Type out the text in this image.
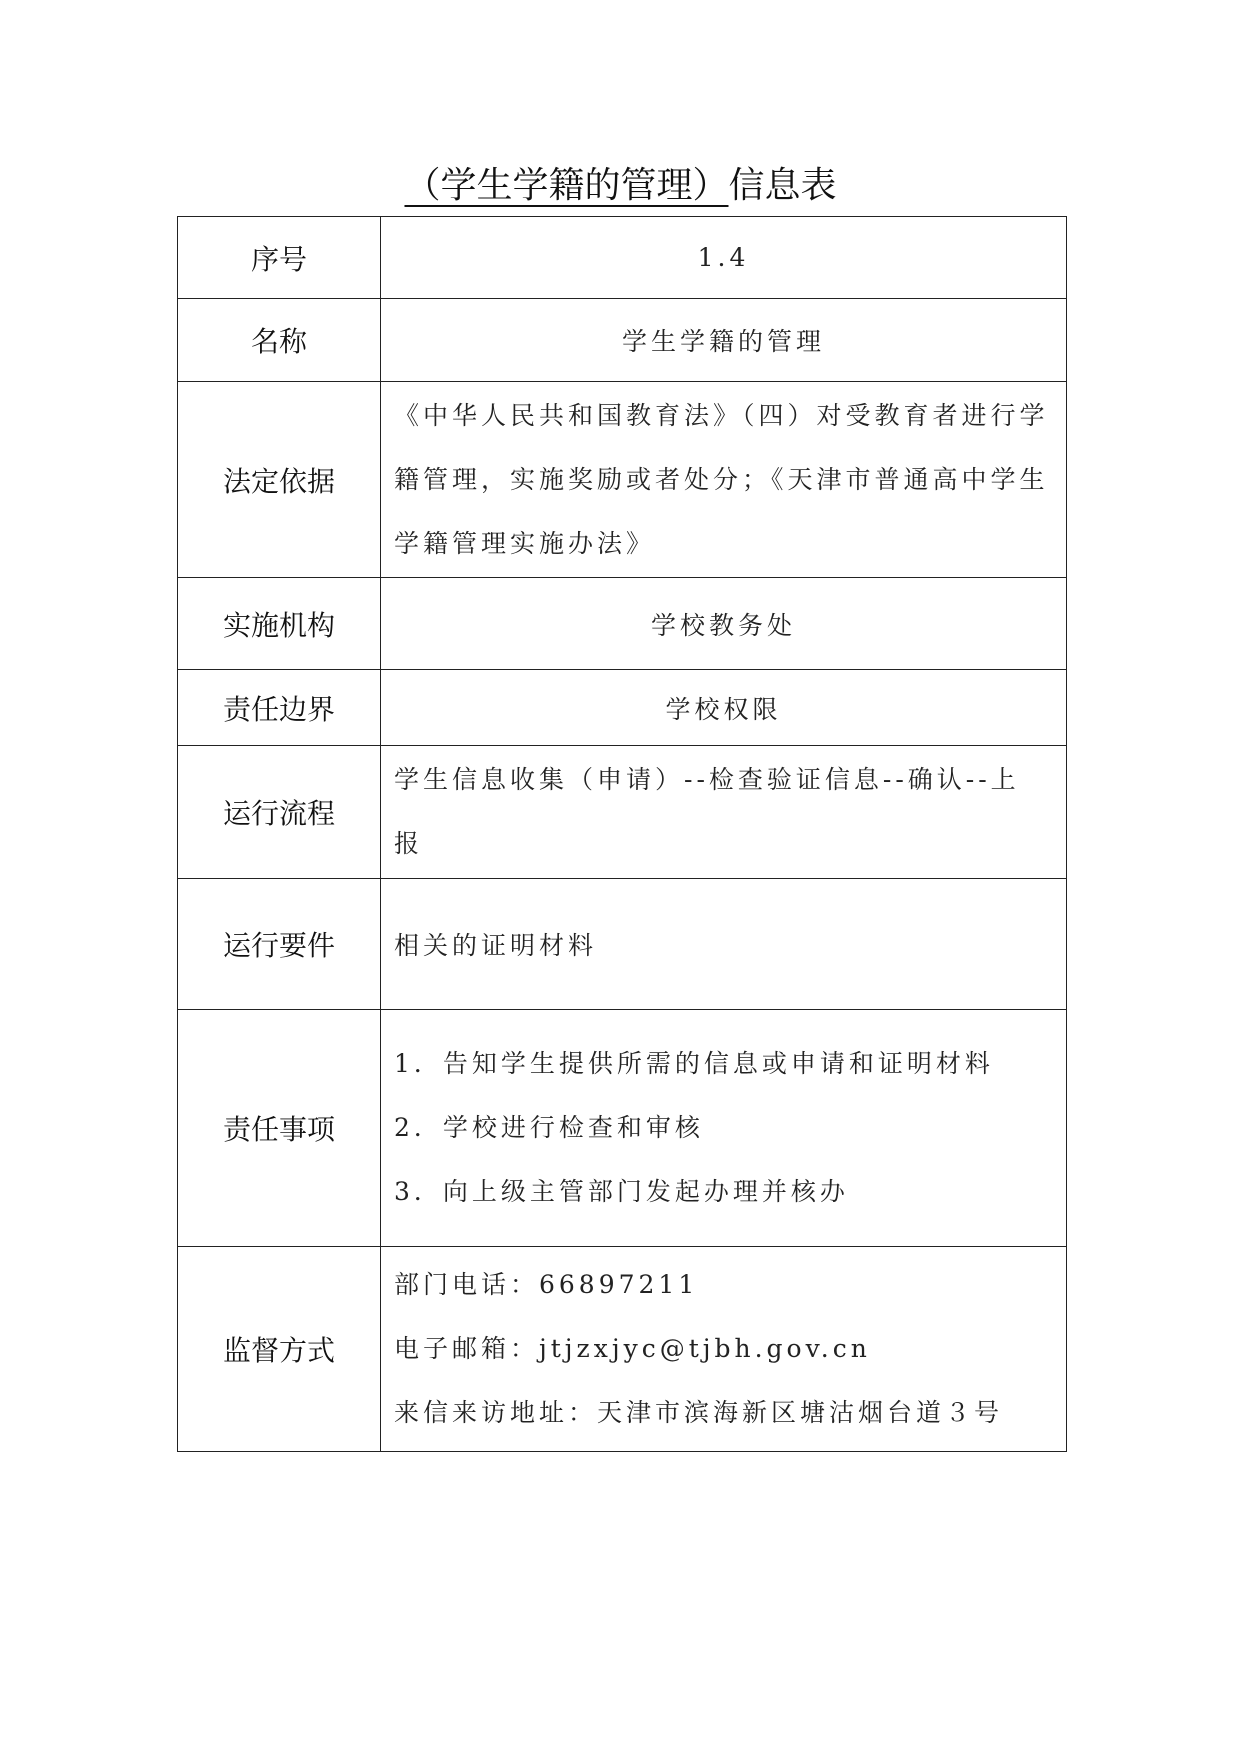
（学生学籍的管理）信息表
序号	1.4
名称	学生学籍的管理
法定依据	《中华人民共和国教育法》（四）对受教育者进行学
籍管理，实施奖励或者处分；《天津市普通高中学生
学籍管理实施办法》

实施机构	学校教务处
责任边界	学校权限
运行流程	学生信息收集（申请）--检查验证信息--确认--上
报

运行要件	相关的证明材料
责任事项	1．告知学生提供所需的信息或申请和证明材料
2．学校进行检查和审核
3．向上级主管部门发起办理并核办

监督方式	部门电话：66897211
电子邮箱：jtjzxjyc@tjbh.gov.cn
来信来访地址：天津市滨海新区塘沽烟台道３号
